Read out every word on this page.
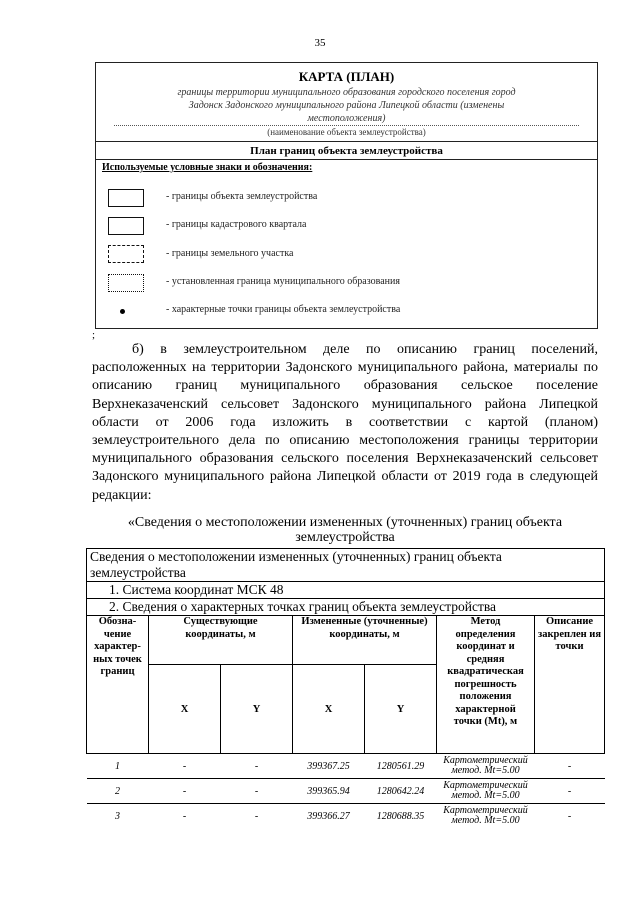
35
КАРТА (ПЛАН)
границы территории муниципального образования городского поселения город
Задонск Задонского муниципального района Липецкой области (изменены
местоположения)
(наименование объекта землеустройства)
План границ объекта землеустройства
Используемые условные знаки и обозначения:
- границы объекта землеустройства
- границы кадастрового квартала
- границы земельного участка
- установленная граница муниципального образования
- характерные точки границы объекта землеустройства
;
б) в землеустроительном деле по описанию границ поселений, расположенных на территории Задонского муниципального района, материалы по описанию границ муниципального образования сельское поселение Верхнеказаченский сельсовет Задонского муниципального района Липецкой области от 2006 года изложить в соответствии с картой (планом) землеустроительного дела по описанию местоположения границы территории муниципального образования сельского поселения Верхнеказаченский сельсовет Задонского муниципального района Липецкой области от 2019 года в следующей редакции:
«Сведения о местоположении измененных (уточненных) границ объекта землеустройства
Сведения о местоположении измененных (уточненных) границ объекта землеустройства						
1. Система координат МСК 48						
2. Сведения о характерных точках границ объекта землеустройства						
Обозна-чение характер-ных точек границ	Существующие координаты, м		Измененные (уточненные) координаты, м		Метод определения координат и средняя квадратическая погрешность положения характерной точки (Mt), м	Описание закреплен ия точки
	X	Y	X	Y		
1	-	-	399367.25	1280561.29	Картометрический метод. Mt=5.00	-
2	-	-	399365.94	1280642.24	Картометрический метод. Mt=5.00	-
3	-	-	399366.27	1280688.35	Картометрический метод. Mt=5.00	-
